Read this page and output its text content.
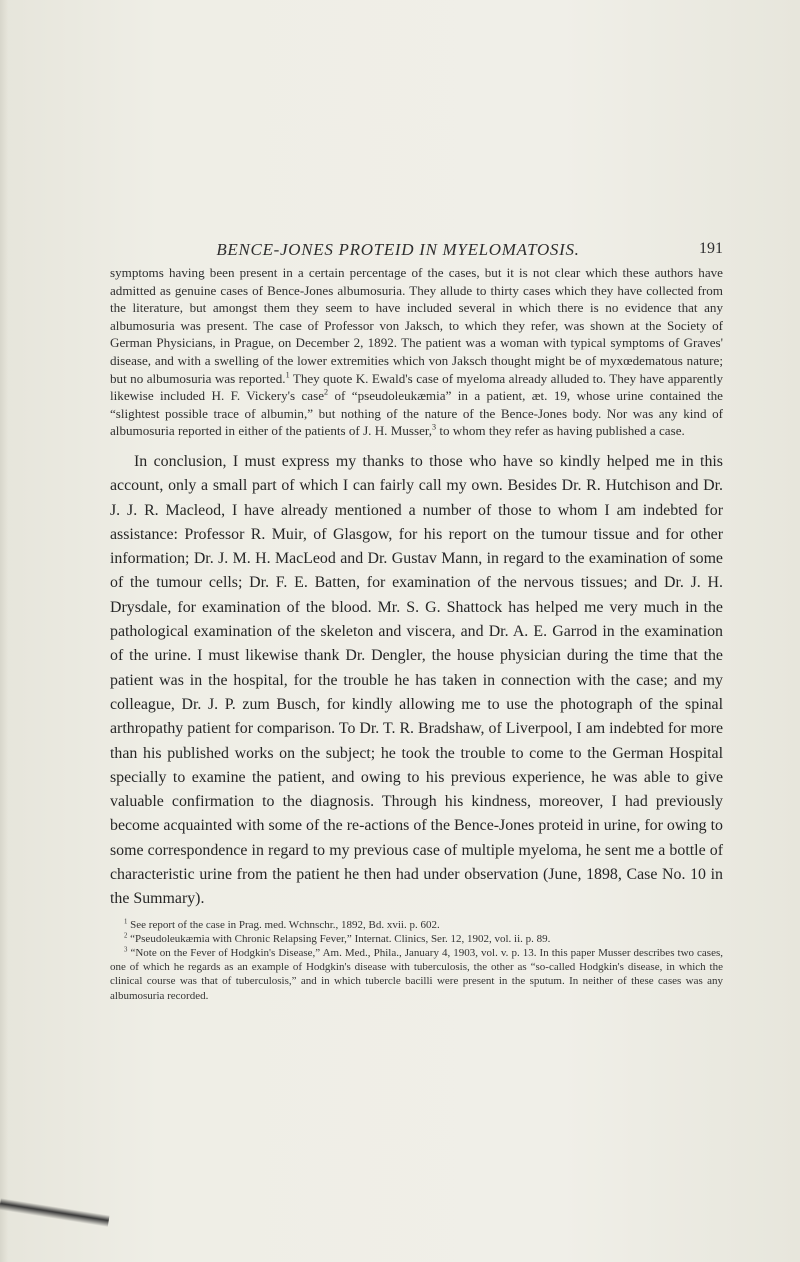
BENCE-JONES PROTEID IN MYELOMATOSIS.	191

symptoms having been present in a certain percentage of the cases, but it is not clear which these authors have admitted as genuine cases of Bence-Jones albumosuria. They allude to thirty cases which they have collected from the literature, but amongst them they seem to have included several in which there is no evidence that any albumosuria was present. The case of Professor von Jaksch, to which they refer, was shown at the Society of German Physicians, in Prague, on December 2, 1892. The patient was a woman with typical symptoms of Graves' disease, and with a swelling of the lower extremities which von Jaksch thought might be of myxœdematous nature; but no albumosuria was reported.$^1$ They quote K. Ewald's case of myeloma already alluded to. They have apparently likewise included H. F. Vickery's case$^2$ of “pseudoleukæmia” in a patient, æt. 19, whose urine contained the “slightest possible trace of albumin,” but nothing of the nature of the Bence-Jones body. Nor was any kind of albumosuria reported in either of the patients of J. H. Musser,$^3$ to whom they refer as having published a case.

In conclusion, I must express my thanks to those who have so kindly helped me in this account, only a small part of which I can fairly call my own. Besides Dr. R. Hutchison and Dr. J. J. R. Macleod, I have already mentioned a number of those to whom I am indebted for assistance: Professor R. Muir, of Glasgow, for his report on the tumour tissue and for other information; Dr. J. M. H. MacLeod and Dr. Gustav Mann, in regard to the examination of some of the tumour cells; Dr. F. E. Batten, for examination of the nervous tissues; and Dr. J. H. Drysdale, for examination of the blood. Mr. S. G. Shattock has helped me very much in the pathological examination of the skeleton and viscera, and Dr. A. E. Garrod in the examination of the urine. I must likewise thank Dr. Dengler, the house physician during the time that the patient was in the hospital, for the trouble he has taken in connection with the case; and my colleague, Dr. J. P. zum Busch, for kindly allowing me to use the photograph of the spinal arthropathy patient for comparison. To Dr. T. R. Bradshaw, of Liverpool, I am indebted for more than his published works on the subject; he took the trouble to come to the German Hospital specially to examine the patient, and owing to his previous experience, he was able to give valuable confirmation to the diagnosis. Through his kindness, moreover, I had previously become acquainted with some of the re-actions of the Bence-Jones proteid in urine, for owing to some correspondence in regard to my previous case of multiple myeloma, he sent me a bottle of characteristic urine from the patient he then had under observation (June, 1898, Case No. 10 in the Summary).

$^1$ See report of the case in Prag. med. Wchnschr., 1892, Bd. xvii. p. 602.

$^2$ “Pseudoleukæmia with Chronic Relapsing Fever,” Internat. Clinics, Ser. 12, 1902, vol. ii. p. 89.

$^3$ “Note on the Fever of Hodgkin's Disease,” Am. Med., Phila., January 4, 1903, vol. v. p. 13. In this paper Musser describes two cases, one of which he regards as an example of Hodgkin's disease with tuberculosis, the other as “so-called Hodgkin's disease, in which the clinical course was that of tuberculosis,” and in which tubercle bacilli were present in the sputum. In neither of these cases was any albumosuria recorded.
